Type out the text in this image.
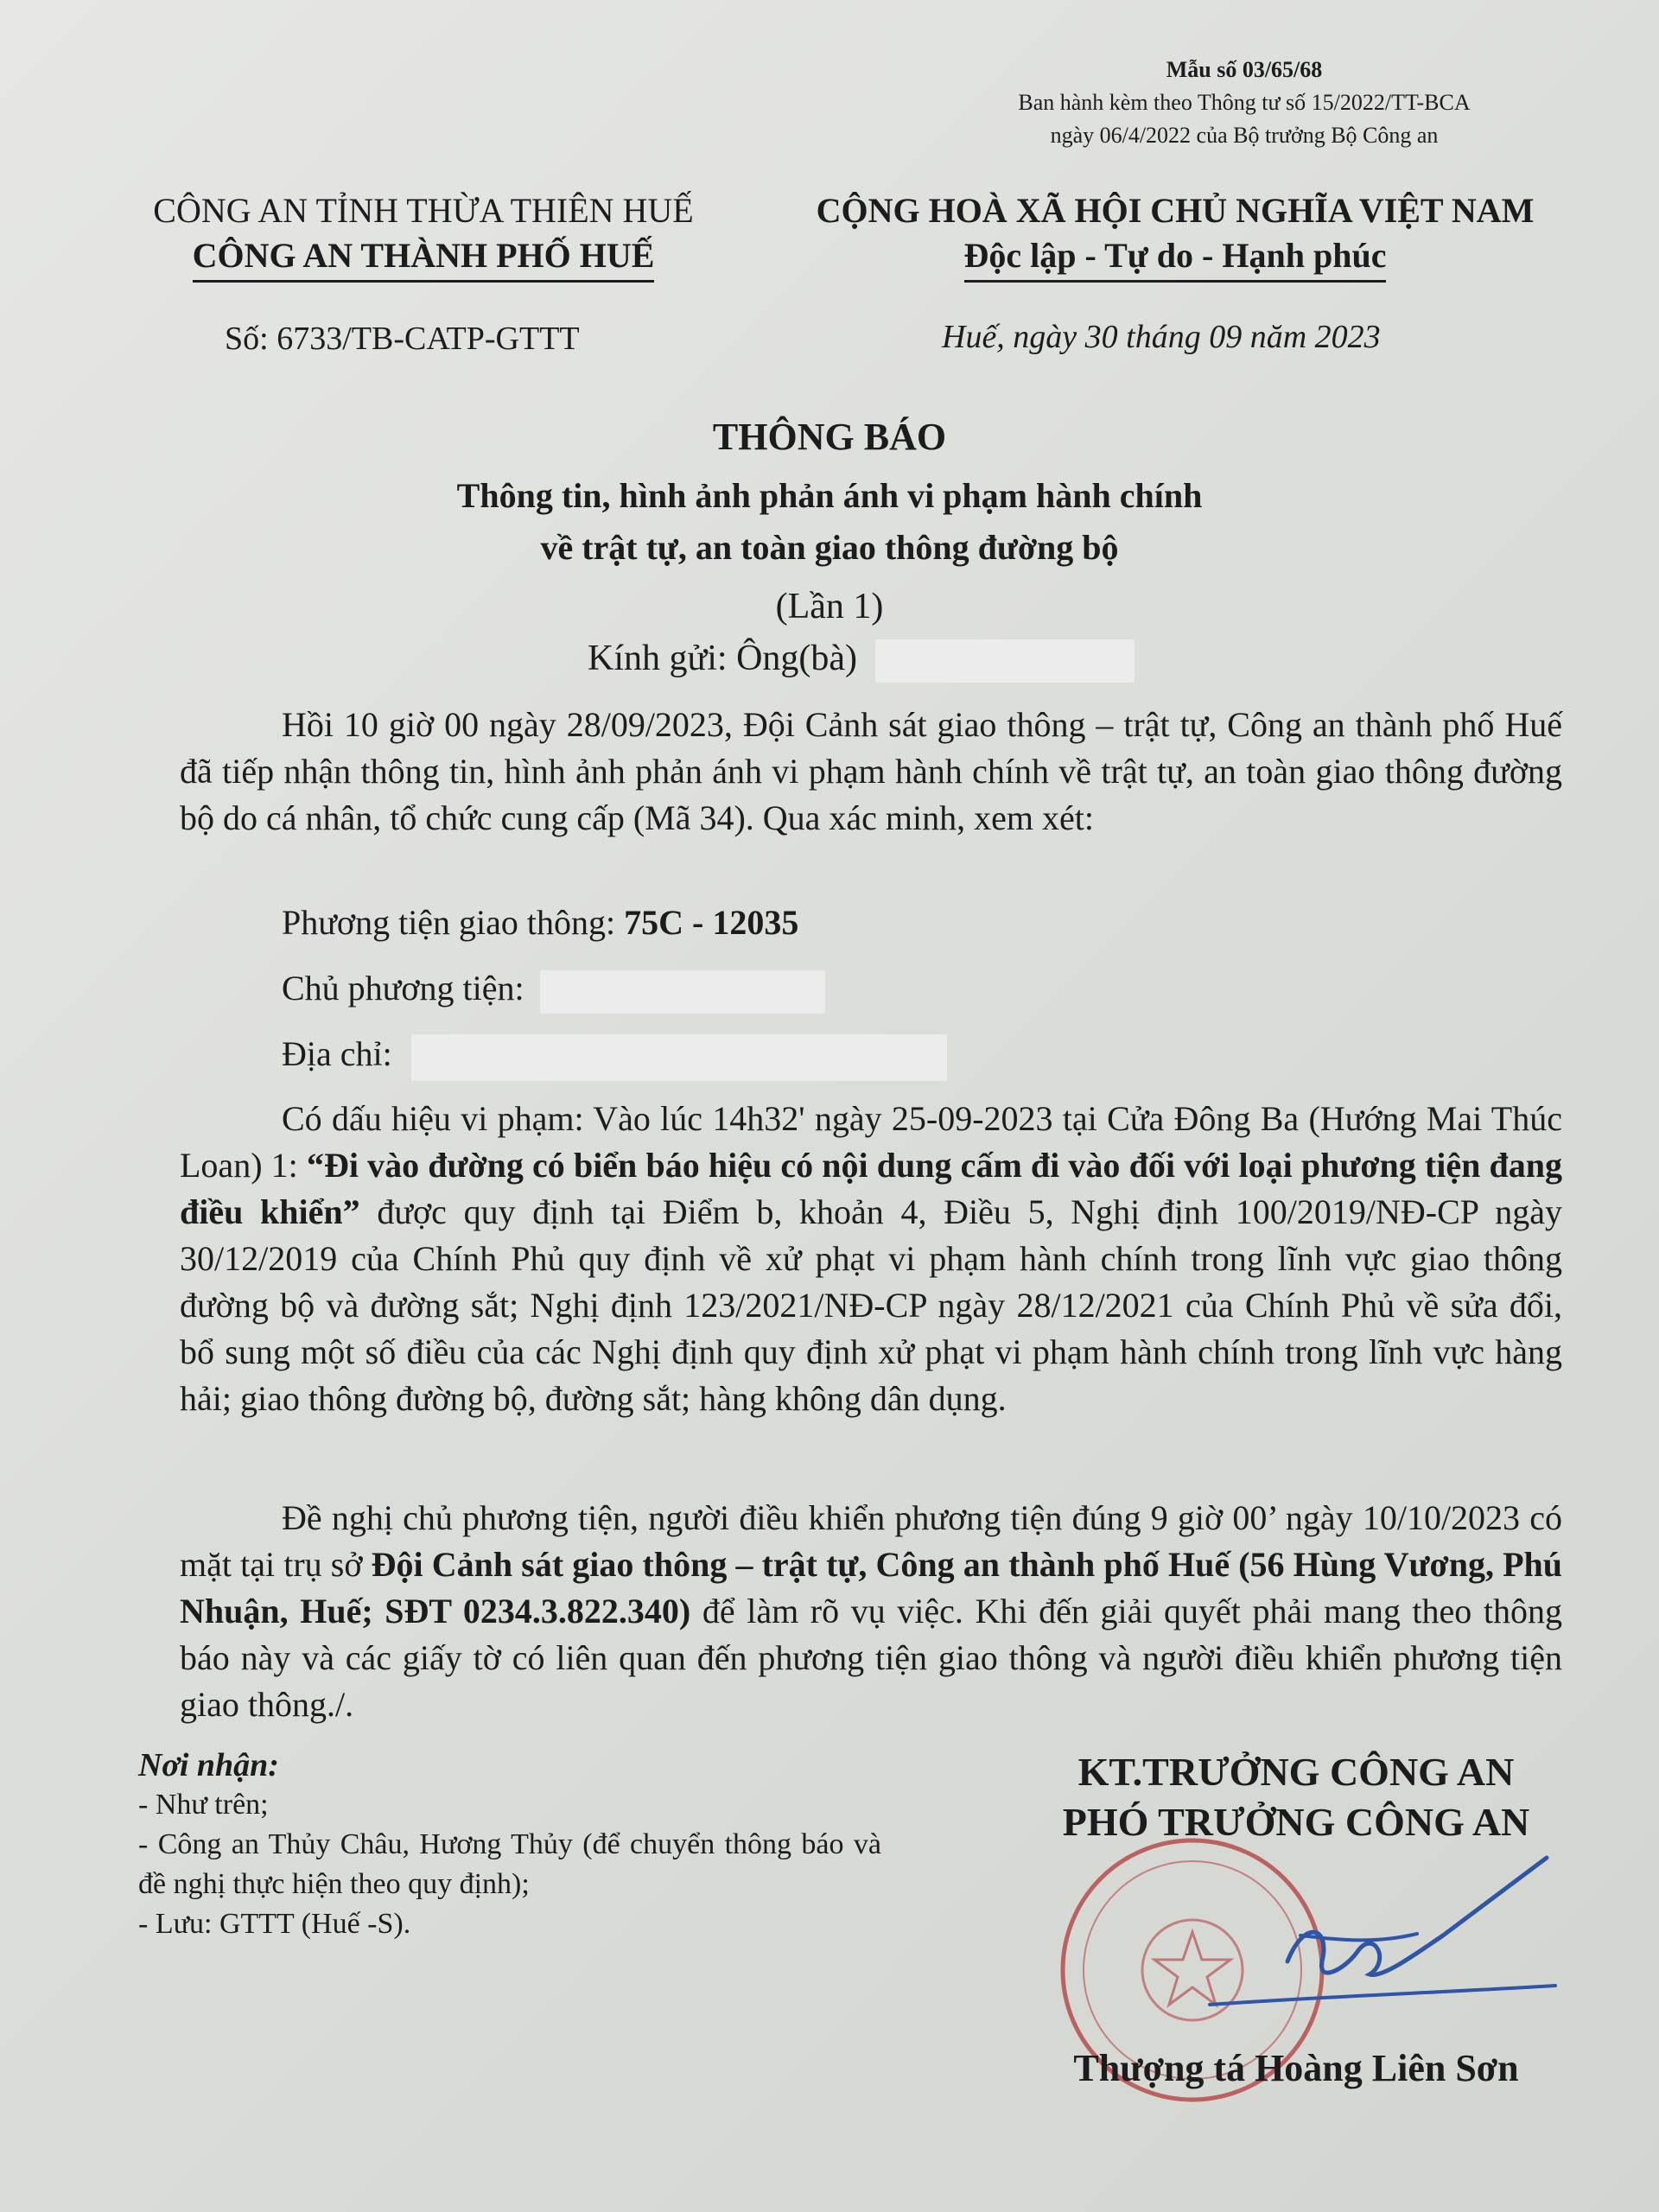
Mẫu số 03/65/68
Ban hành kèm theo Thông tư số 15/2022/TT-BCA
ngày 06/4/2022 của Bộ trưởng Bộ Công an
CÔNG AN TỈNH THỪA THIÊN HUẾ
CÔNG AN THÀNH PHỐ HUẾ
CỘNG HOÀ XÃ HỘI CHỦ NGHĨA VIỆT NAM
Độc lập - Tự do - Hạnh phúc
Số: 6733/TB-CATP-GTTT	Huế, ngày 30 tháng 09 năm 2023
THÔNG BÁO
Thông tin, hình ảnh phản ánh vi phạm hành chính
về trật tự, an toàn giao thông đường bộ
(Lần 1)
Kính gửi: Ông(bà)
Hồi 10 giờ 00 ngày 28/09/2023, Đội Cảnh sát giao thông – trật tự, Công an thành phố Huế đã tiếp nhận thông tin, hình ảnh phản ánh vi phạm hành chính về trật tự, an toàn giao thông đường bộ do cá nhân, tổ chức cung cấp (Mã 34). Qua xác minh, xem xét:
Phương tiện giao thông: 75C - 12035
Chủ phương tiện:
Địa chỉ:
Có dấu hiệu vi phạm: Vào lúc 14h32' ngày 25-09-2023 tại Cửa Đông Ba (Hướng Mai Thúc Loan) 1: “Đi vào đường có biển báo hiệu có nội dung cấm đi vào đối với loại phương tiện đang điều khiển” được quy định tại Điểm b, khoản 4, Điều 5, Nghị định 100/2019/NĐ-CP ngày 30/12/2019 của Chính Phủ quy định về xử phạt vi phạm hành chính trong lĩnh vực giao thông đường bộ và đường sắt; Nghị định 123/2021/NĐ-CP ngày 28/12/2021 của Chính Phủ về sửa đổi, bổ sung một số điều của các Nghị định quy định xử phạt vi phạm hành chính trong lĩnh vực hàng hải; giao thông đường bộ, đường sắt; hàng không dân dụng.
Đề nghị chủ phương tiện, người điều khiển phương tiện đúng 9 giờ 00’ ngày 10/10/2023 có mặt tại trụ sở Đội Cảnh sát giao thông – trật tự, Công an thành phố Huế (56 Hùng Vương, Phú Nhuận, Huế; SĐT 0234.3.822.340) để làm rõ vụ việc. Khi đến giải quyết phải mang theo thông báo này và các giấy tờ có liên quan đến phương tiện giao thông và người điều khiển phương tiện giao thông./.
Nơi nhận:
- Như trên;
- Công an Thủy Châu, Hương Thủy (để chuyển thông báo và đề nghị thực hiện theo quy định);
- Lưu: GTTT (Huế -S).
KT.TRƯỞNG CÔNG AN
PHÓ TRƯỞNG CÔNG AN
Thượng tá Hoàng Liên Sơn
